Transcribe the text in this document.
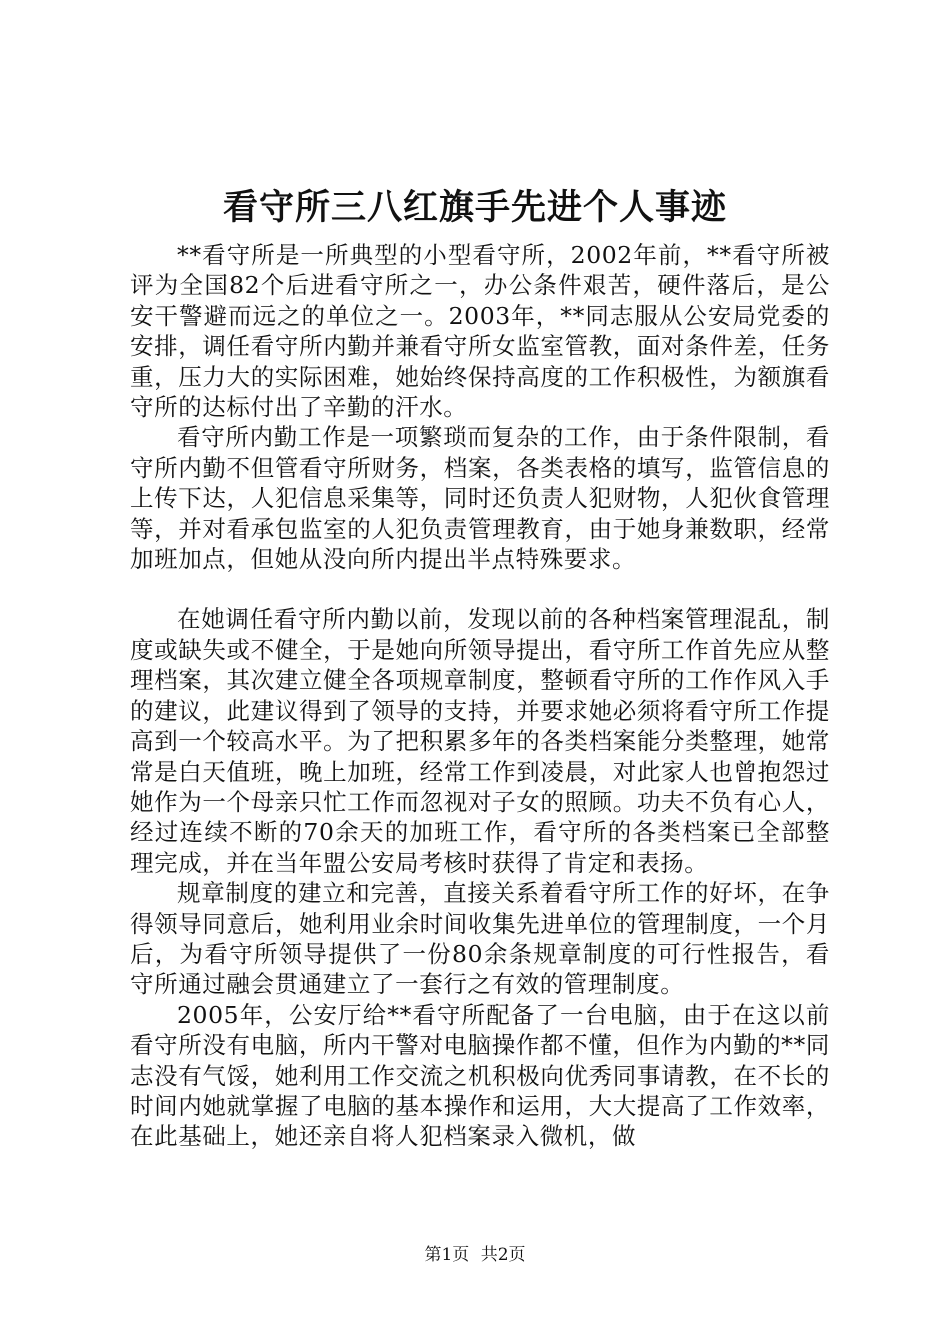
看守所三八红旗手先进个人事迹

**看守所是一所典型的小型看守所，2002年前，**看守所被评为全国82个后进看守所之一，办公条件艰苦，硬件落后，是公安干警避而远之的单位之一。2003年，**同志服从公安局党委的安排，调任看守所内勤并兼看守所女监室管教，面对条件差，任务重，压力大的实际困难，她始终保持高度的工作积极性，为额旗看守所的达标付出了辛勤的汗水。

看守所内勤工作是一项繁琐而复杂的工作，由于条件限制，看守所内勤不但管看守所财务，档案，各类表格的填写，监管信息的上传下达，人犯信息采集等，同时还负责人犯财物，人犯伙食管理等，并对看承包监室的人犯负责管理教育，由于她身兼数职，经常加班加点，但她从没向所内提出半点特殊要求。

在她调任看守所内勤以前，发现以前的各种档案管理混乱，制度或缺失或不健全，于是她向所领导提出，看守所工作首先应从整理档案，其次建立健全各项规章制度，整顿看守所的工作作风入手的建议，此建议得到了领导的支持，并要求她必须将看守所工作提高到一个较高水平。为了把积累多年的各类档案能分类整理，她常常是白天值班，晚上加班，经常工作到凌晨，对此家人也曾抱怨过她作为一个母亲只忙工作而忽视对子女的照顾。功夫不负有心人，经过连续不断的70余天的加班工作，看守所的各类档案已全部整理完成，并在当年盟公安局考核时获得了肯定和表扬。

规章制度的建立和完善，直接关系着看守所工作的好坏，在争得领导同意后，她利用业余时间收集先进单位的管理制度，一个月后，为看守所领导提供了一份80余条规章制度的可行性报告，看守所通过融会贯通建立了一套行之有效的管理制度。

2005年，公安厅给**看守所配备了一台电脑，由于在这以前看守所没有电脑，所内干警对电脑操作都不懂，但作为内勤的**同志没有气馁，她利用工作交流之机积极向优秀同事请教，在不长的时间内她就掌握了电脑的基本操作和运用，大大提高了工作效率，在此基础上，她还亲自将人犯档案录入微机，做

第1页 共2页
